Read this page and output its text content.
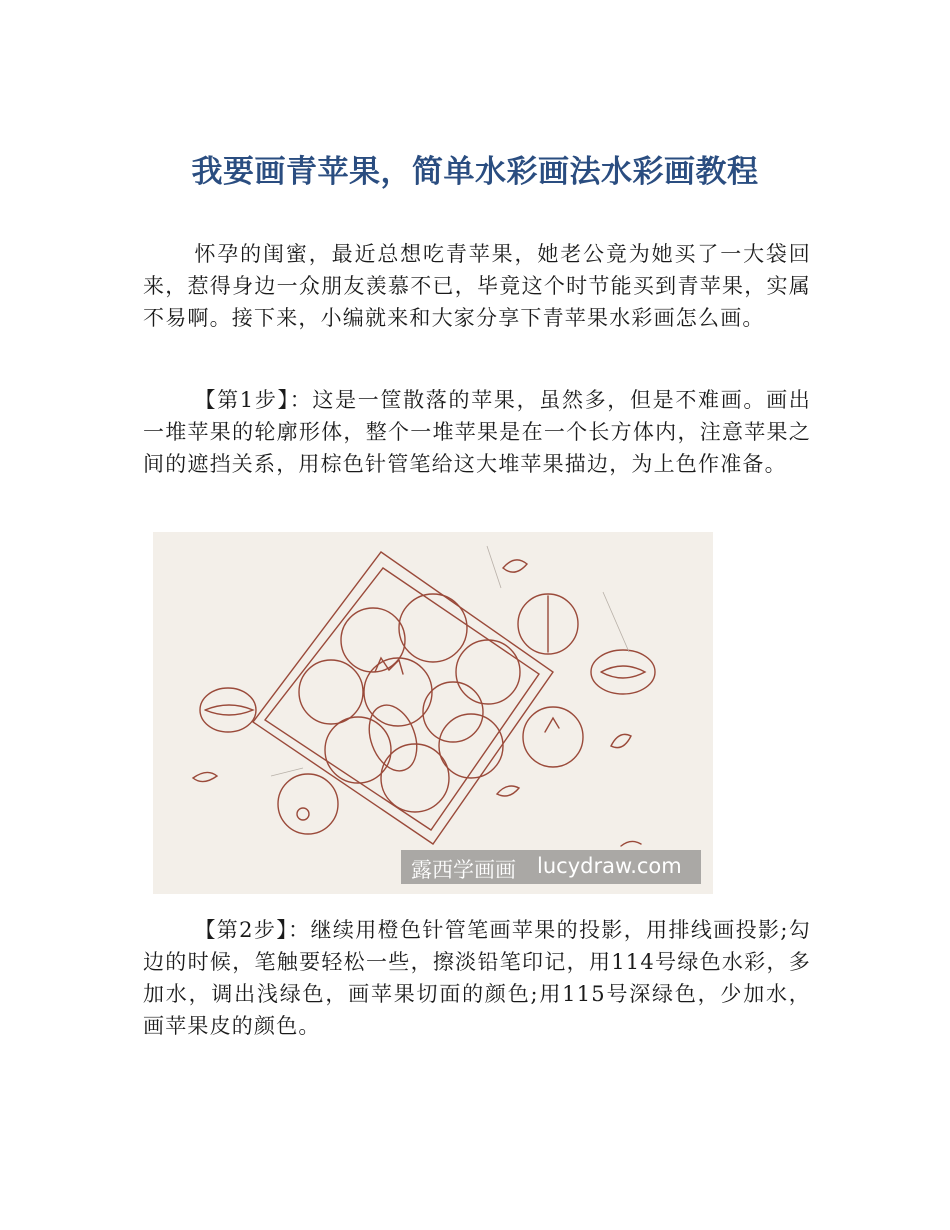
我要画青苹果，简单水彩画法水彩画教程

怀孕的闺蜜，最近总想吃青苹果，她老公竟为她买了一大袋回来，惹得身边一众朋友羡慕不已，毕竟这个时节能买到青苹果，实属不易啊。接下来，小编就来和大家分享下青苹果水彩画怎么画。

【第1步】：这是一筐散落的苹果，虽然多，但是不难画。画出一堆苹果的轮廓形体，整个一堆苹果是在一个长方体内，注意苹果之间的遮挡关系，用棕色针管笔给这大堆苹果描边，为上色作准备。

露西学画画 lucydraw.com

【第2步】：继续用橙色针管笔画苹果的投影，用排线画投影;勾边的时候，笔触要轻松一些，擦淡铅笔印记，用114号绿色水彩，多加水，调出浅绿色，画苹果切面的颜色;用115号深绿色，少加水，画苹果皮的颜色。
